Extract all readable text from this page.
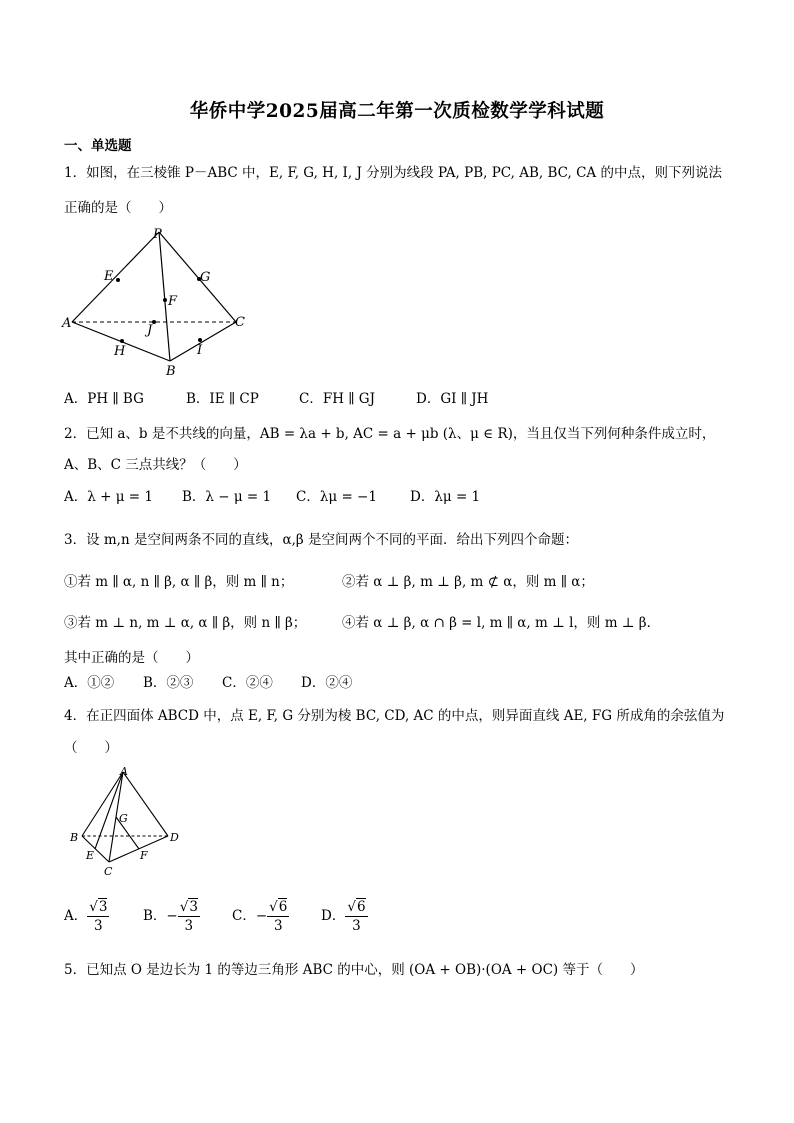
华侨中学2025届高二年第一次质检数学学科试题
一、单选题
1．如图，在三棱锥 P－ABC 中，E, F, G, H, I, J 分别为线段 PA, PB, PC, AB, BC, CA 的中点，则下列说法
正确的是（　　）
P
E	G
F
A	J
C
H	I
B
A．PH ∥ BG	B．IE ∥ CP	C．FH ∥ GJ	D．GI ∥ JH
2．已知 a、b 是不共线的向量，AB = λa + b, AC = a + μb (λ、μ ∈ R)，当且仅当下列何种条件成立时，
A、B、C 三点共线？（　　）
A．λ + μ = 1 B．λ − μ = 1 C．λμ = −1 D．λμ = 1
3．设 m,n 是空间两条不同的直线，α,β 是空间两个不同的平面．给出下列四个命题：
①若 m ∥ α, n ∥ β, α ∥ β，则 m ∥ n；	②若 α ⊥ β, m ⊥ β, m ⊄ α，则 m ∥ α；
③若 m ⊥ n, m ⊥ α, α ∥ β，则 n ∥ β；	④若 α ⊥ β, α ∩ β = l, m ∥ α, m ⊥ l，则 m ⊥ β．
其中正确的是（　　）
A．①② B．②③ C．②④ D．②④
4．在正四面体 ABCD 中，点 E, F, G 分别为棱 BC, CD, AC 的中点，则异面直线 AE, FG 所成角的余弦值为
（　　）
A
G
B	D
E	F
C
A． $\frac{√3}{3}$ B．− $\frac{√3}{3}$ C．− $\frac{√6}{3}$ D． $\frac{√6}{3}$
5．已知点 O 是边长为 1 的等边三角形 ABC 的中心，则 (OA + OB)·(OA + OC) 等于（　　）
